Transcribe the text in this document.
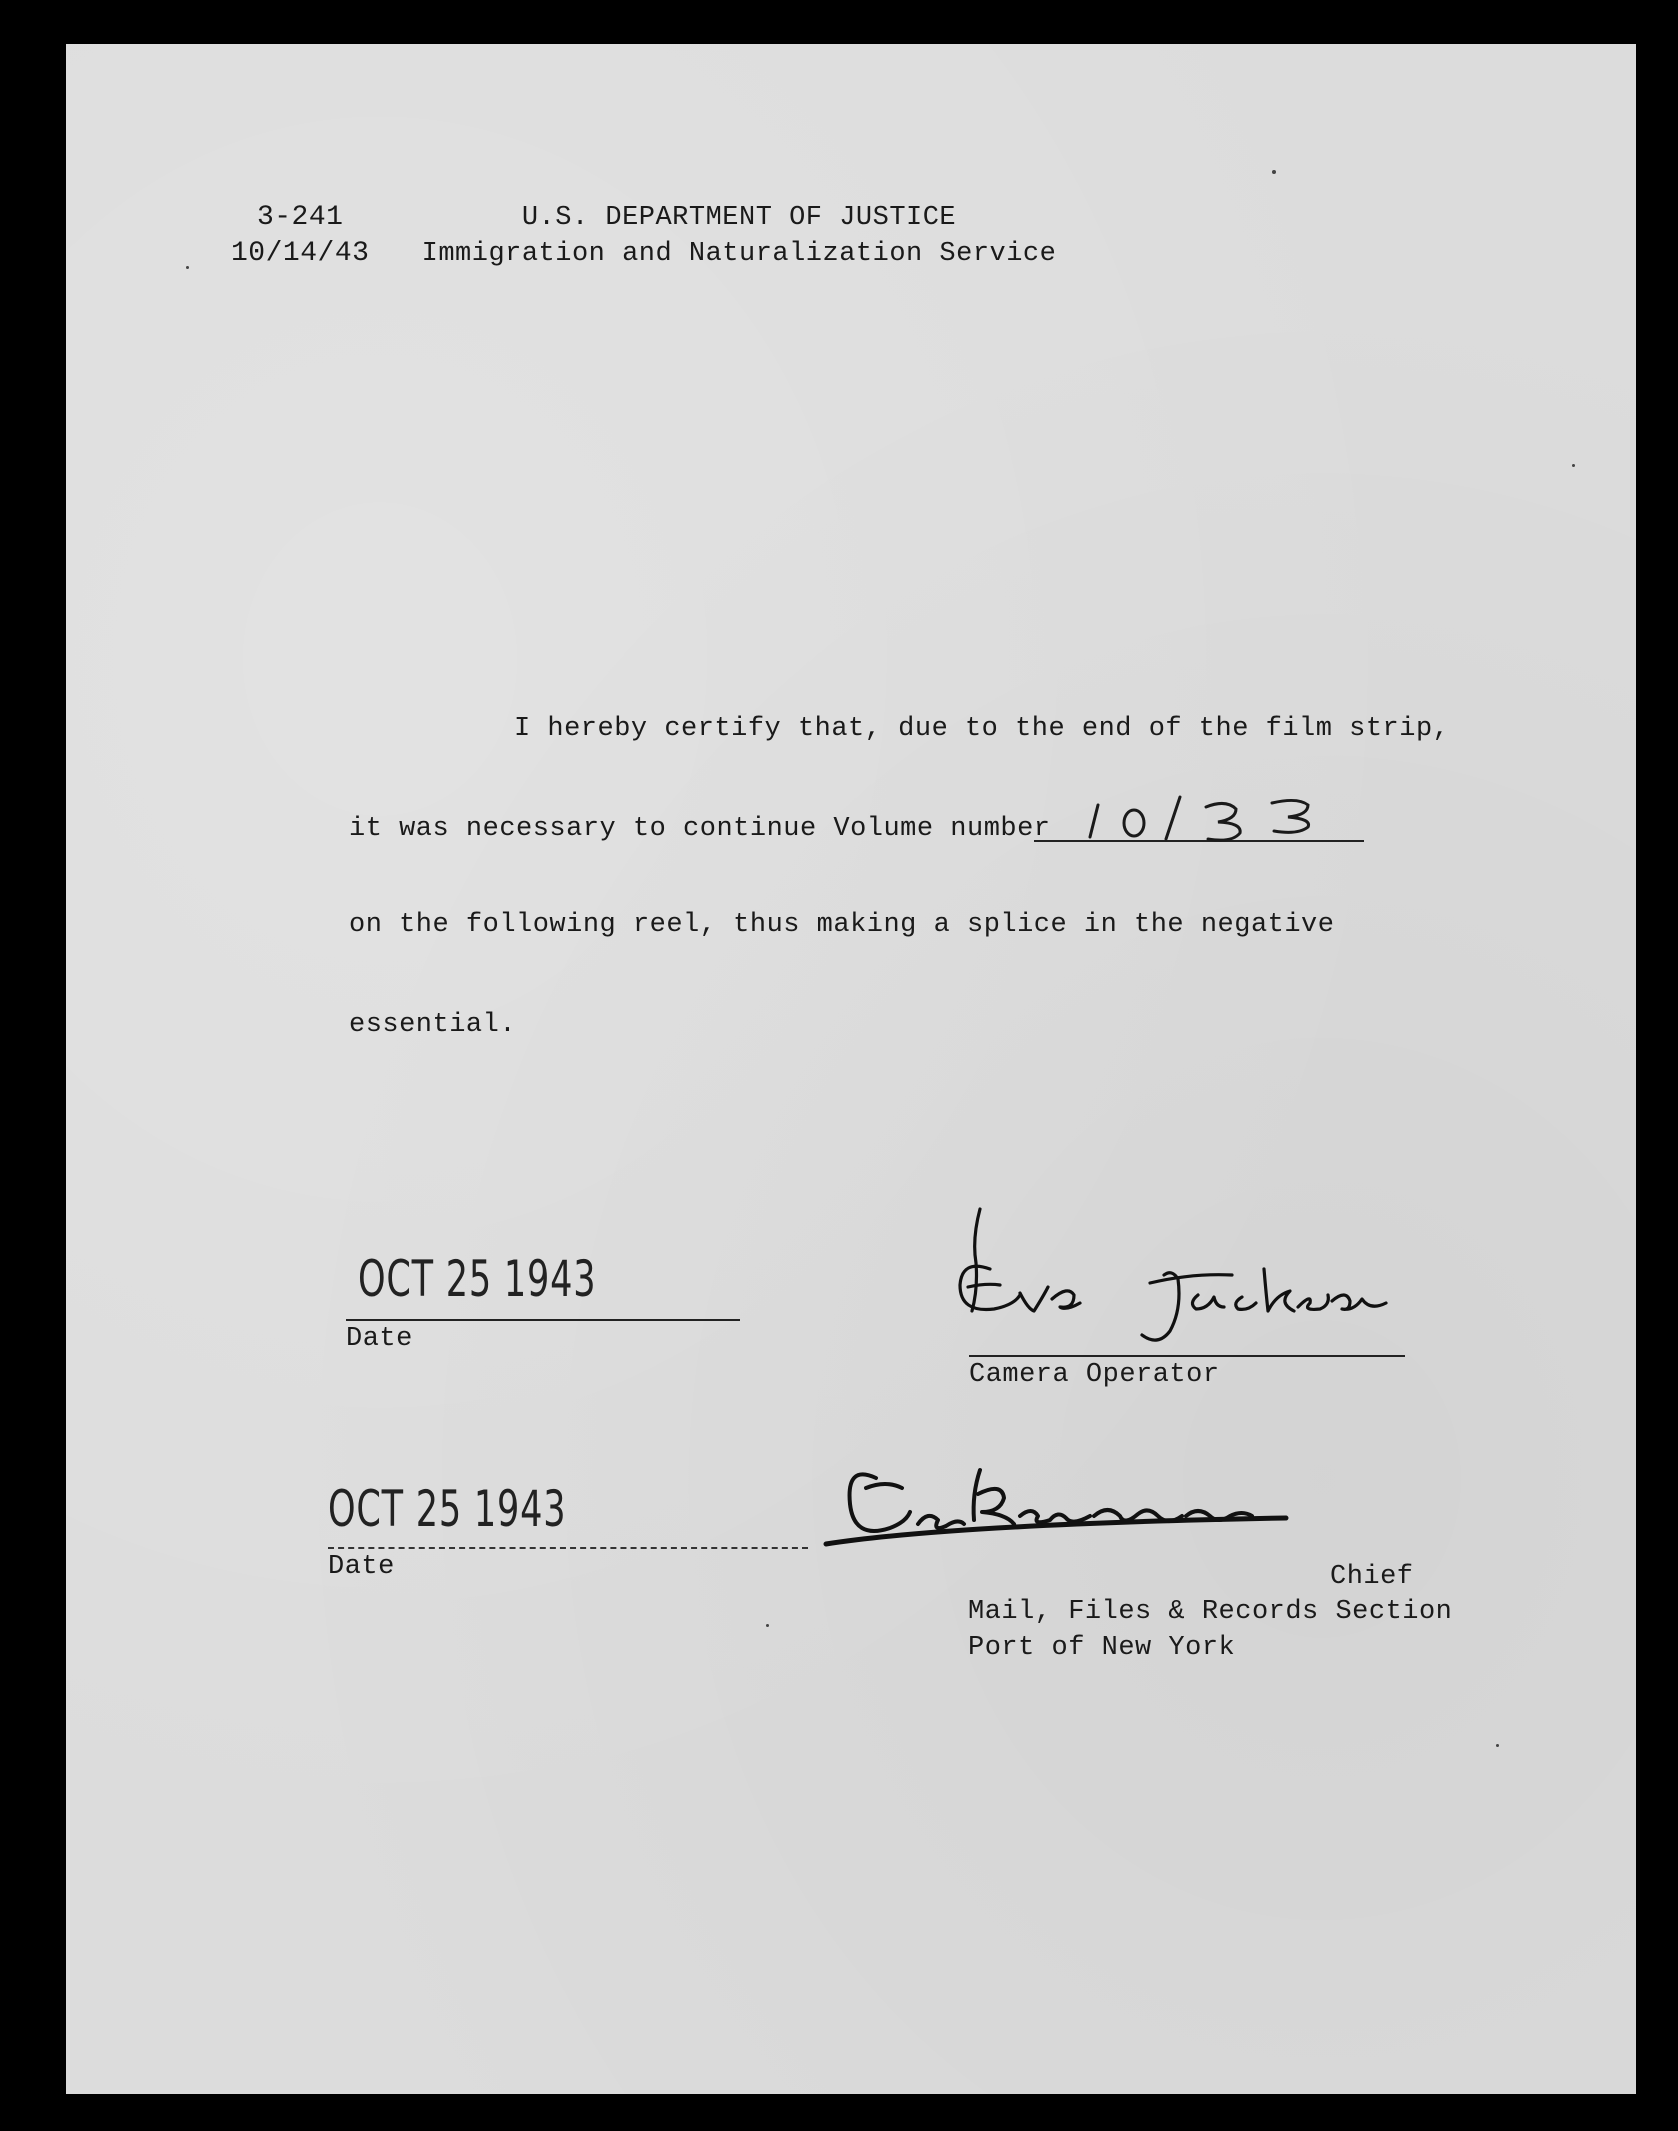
3-241
10/14/43
U.S. DEPARTMENT OF JUSTICE
Immigration and Naturalization Service
I hereby certify that, due to the end of the film strip,
it was necessary to continue Volume number
on the following reel, thus making a splice in the negative
essential.
OCT 25 1943
Date
Camera Operator
OCT 25 1943
Date	Chief
Mail, Files & Records Section
Port of New York
